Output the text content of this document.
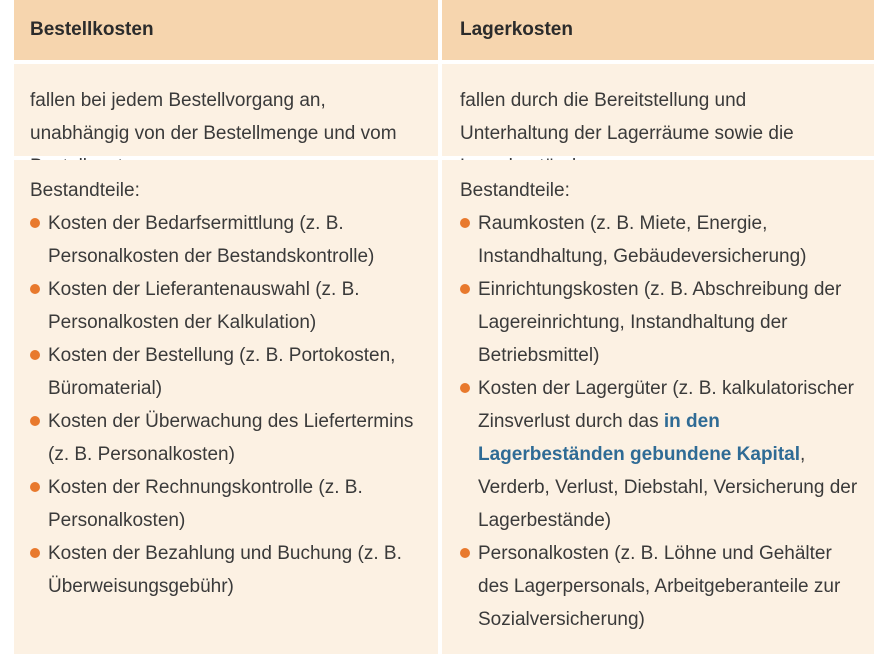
Bestellkosten	Lagerkosten
fallen bei jedem Bestellvorgang an, unabhängig von der Bestellmenge und vom
fallen durch die Bereitstellung und Unterhaltung der Lagerräume sowie die
Bestandteile:
Kosten der Bedarfsermittlung (z. B. Personalkosten der Bestandskontrolle)
Kosten der Lieferantenauswahl (z. B. Personalkosten der Kalkulation)
Kosten der Bestellung (z. B. Portokosten, Büromaterial)
Kosten der Überwachung des Liefertermins (z. B. Personalkosten)
Kosten der Rechnungskontrolle (z. B. Personalkosten)
Kosten der Bezahlung und Buchung (z. B. Überweisungsgebühr)
Bestandteile:
Raumkosten (z. B. Miete, Energie, Instandhaltung, Gebäudeversicherung)
Einrichtungskosten (z. B. Abschreibung der Lagereinrichtung, Instandhaltung der Betriebsmittel)
Kosten der Lagergüter (z. B. kalkulatorischer Zinsverlust durch das in den Lagerbeständen gebundene Kapital, Verderb, Verlust, Diebstahl, Versicherung der Lagerbestände)
Personalkosten (z. B. Löhne und Gehälter des Lagerpersonals, Arbeitgeberanteile zur Sozialversicherung)
